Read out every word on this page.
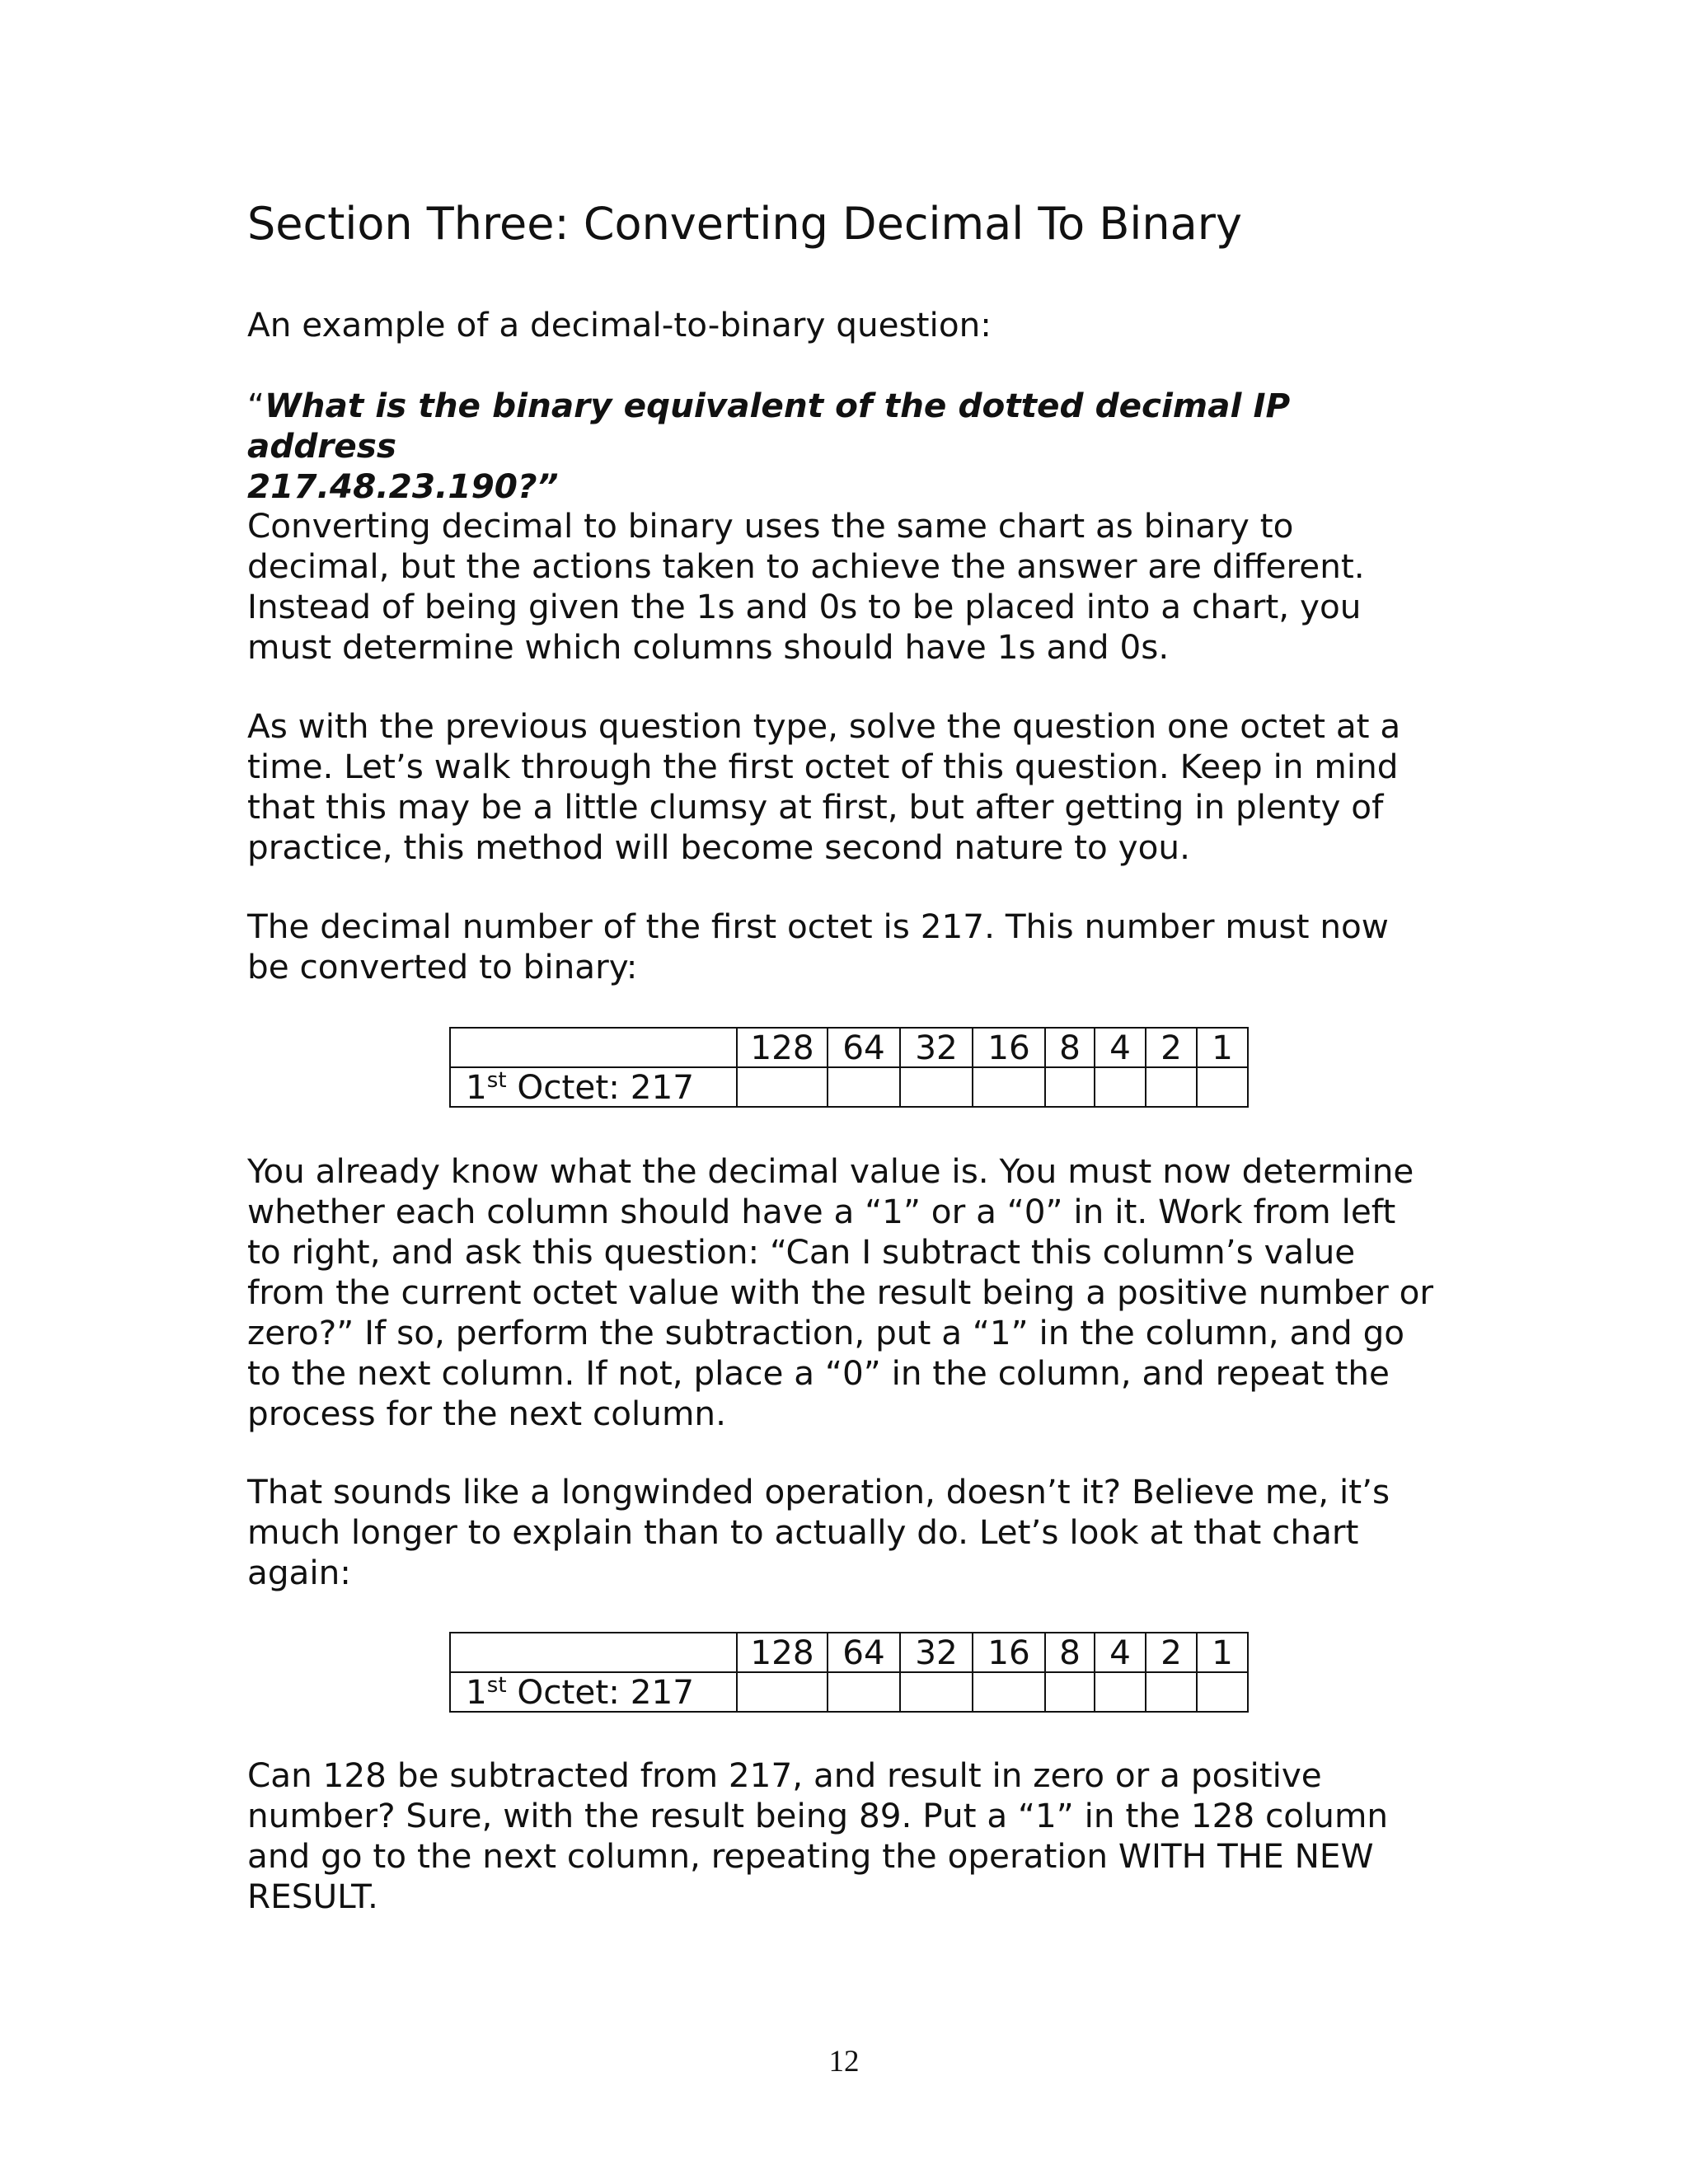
Section Three: Converting Decimal To Binary

An example of a decimal-to-binary question:

“What is the binary equivalent of the dotted decimal IP address
217.48.23.190?”

Converting decimal to binary uses the same chart as binary to
decimal, but the actions taken to achieve the answer are different.
Instead of being given the 1s and 0s to be placed into a chart, you
must determine which columns should have 1s and 0s.

As with the previous question type, solve the question one octet at a
time. Let’s walk through the first octet of this question. Keep in mind
that this may be a little clumsy at first, but after getting in plenty of
practice, this method will become second nature to you.

The decimal number of the first octet is 217. This number must now
be converted to binary:

	128	64	32	16	8	4	2	1
1st Octet: 217								

You already know what the decimal value is. You must now determine
whether each column should have a “1” or a “0” in it. Work from left
to right, and ask this question: “Can I subtract this column’s value
from the current octet value with the result being a positive number or
zero?” If so, perform the subtraction, put a “1” in the column, and go
to the next column. If not, place a “0” in the column, and repeat the
process for the next column.

That sounds like a longwinded operation, doesn’t it? Believe me, it’s
much longer to explain than to actually do. Let’s look at that chart
again:

	128	64	32	16	8	4	2	1
1st Octet: 217								

Can 128 be subtracted from 217, and result in zero or a positive
number? Sure, with the result being 89. Put a “1” in the 128 column
and go to the next column, repeating the operation WITH THE NEW
RESULT.

12
